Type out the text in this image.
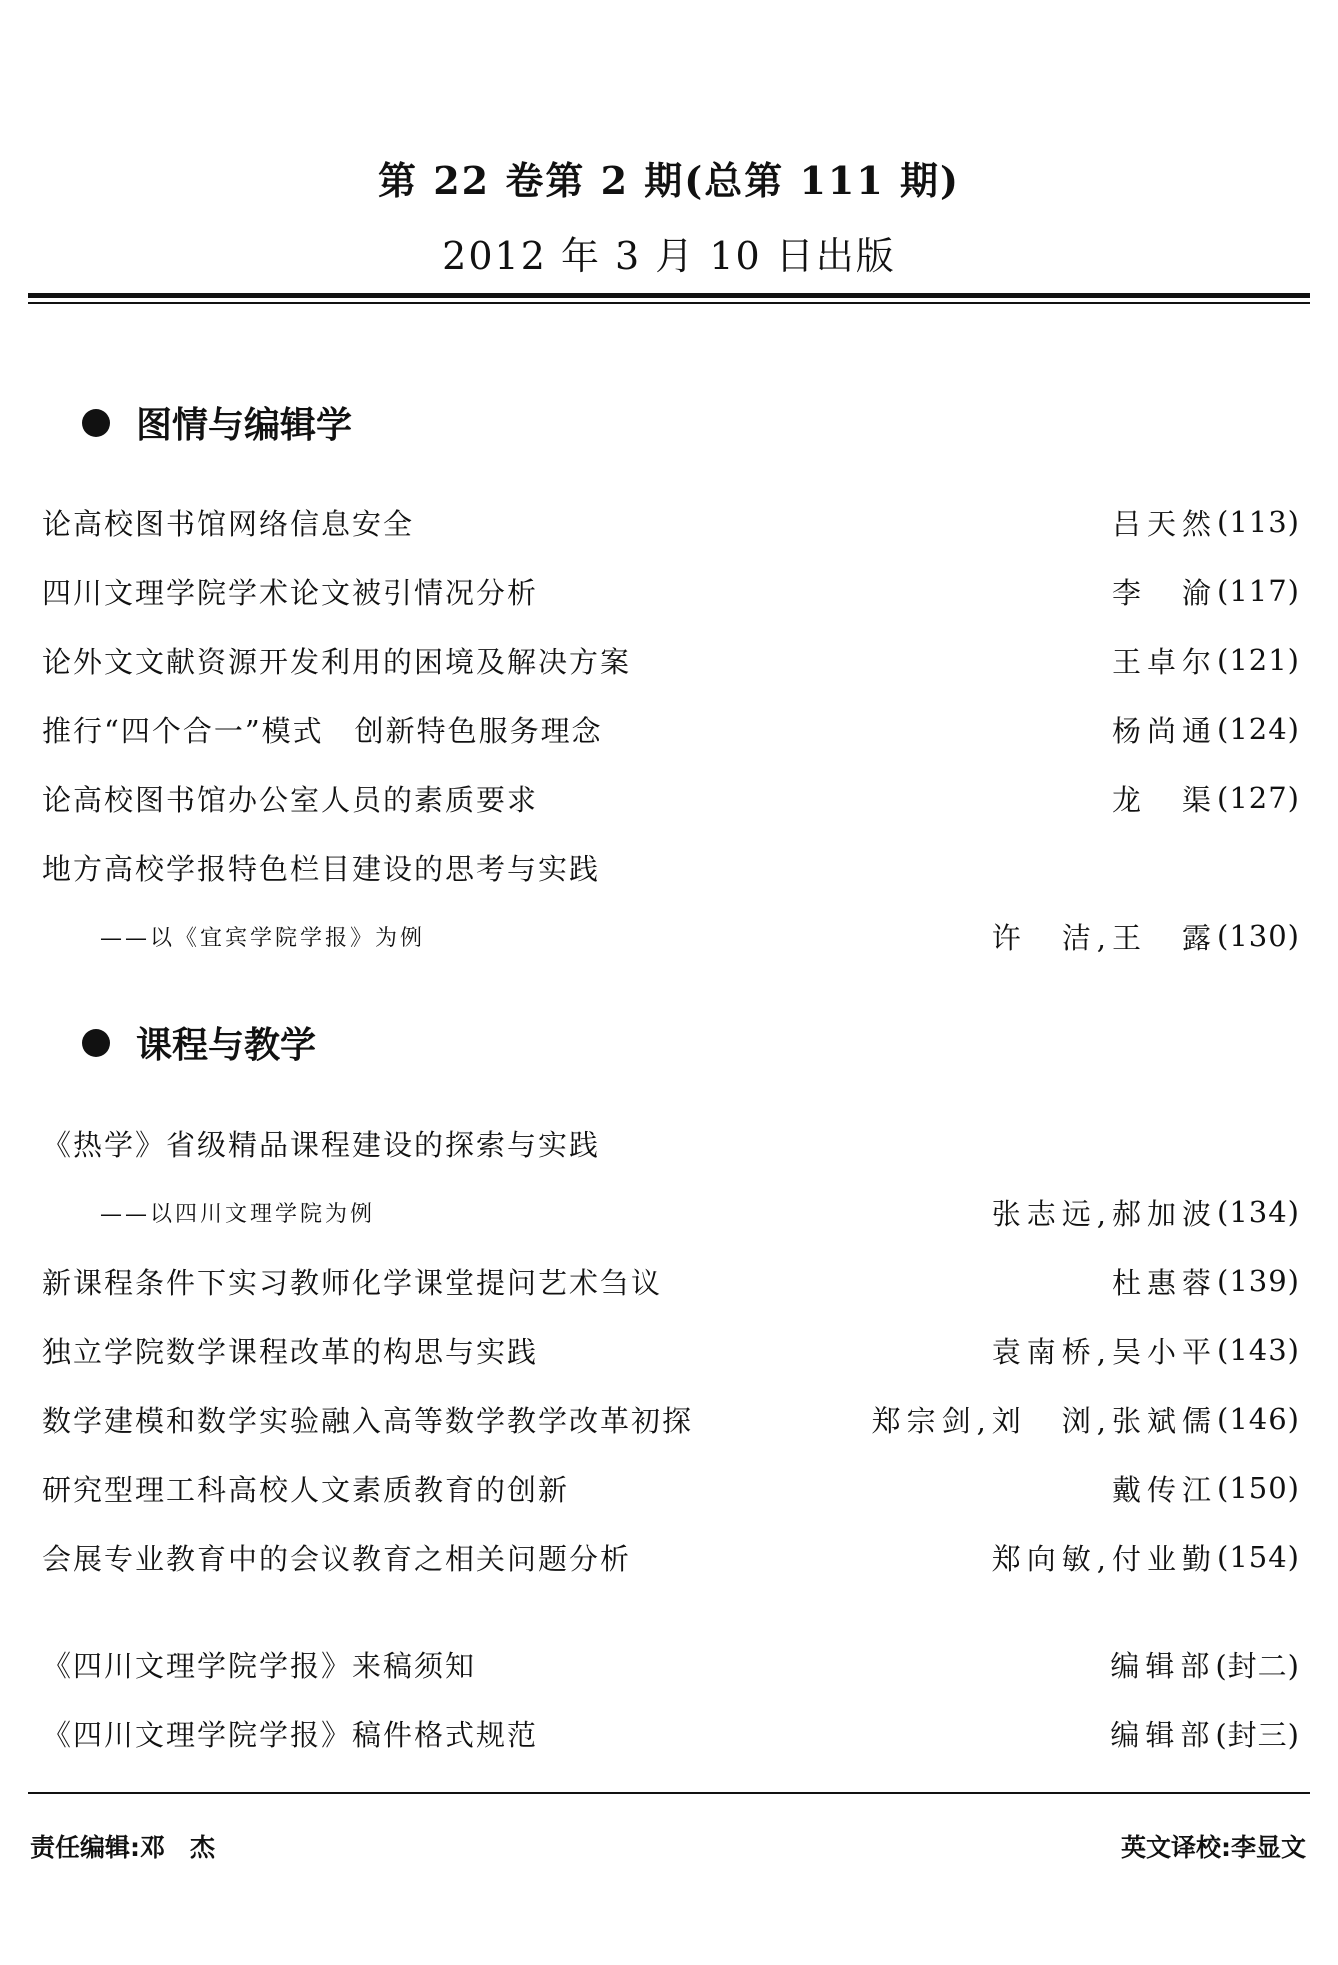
第 22 卷第 2 期(总第 111 期)
2012 年 3 月 10 日出版
图情与编辑学
论高校图书馆网络信息安全	吕天然 (113)
四川文理学院学术论文被引情况分析	李　渝 (117)
论外文文献资源开发利用的困境及解决方案	王卓尔 (121)
推行“四个合一”模式　创新特色服务理念	杨尚通 (124)
论高校图书馆办公室人员的素质要求	龙　渠 (127)
地方高校学报特色栏目建设的思考与实践
——以《宜宾学院学报》为例	许　洁,王　露 (130)
课程与教学
《热学》省级精品课程建设的探索与实践
——以四川文理学院为例	张志远,郝加波 (134)
新课程条件下实习教师化学课堂提问艺术刍议	杜惠蓉 (139)
独立学院数学课程改革的构思与实践	袁南桥,吴小平 (143)
数学建模和数学实验融入高等数学教学改革初探	郑宗剑,刘　浏,张斌儒 (146)
研究型理工科高校人文素质教育的创新	戴传江 (150)
会展专业教育中的会议教育之相关问题分析	郑向敏,付业勤 (154)
《四川文理学院学报》来稿须知	编辑部 (封二)
《四川文理学院学报》稿件格式规范	编辑部 (封三)
责任编辑:邓　杰	英文译校:李显文
